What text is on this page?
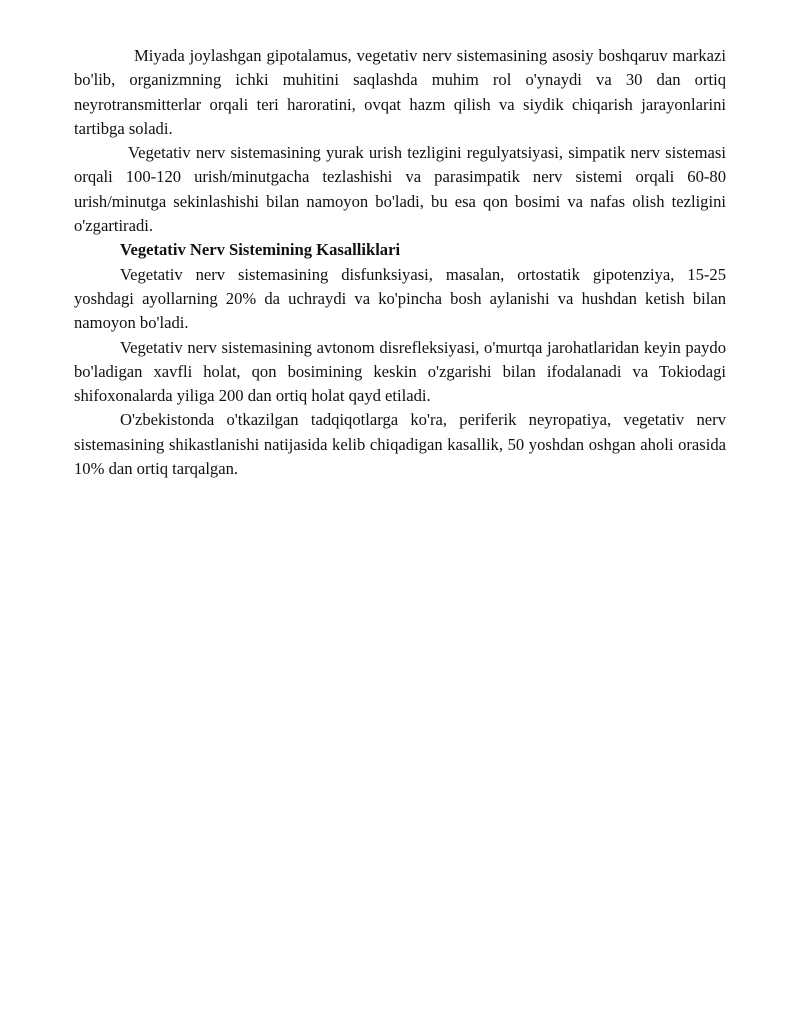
Miyada joylashgan gipotalamus, vegetativ nerv sistemasining asosiy boshqaruv markazi bo'lib, organizmning ichki muhitini saqlashda muhim rol o'ynaydi va 30 dan ortiq neyrotransmitterlar orqali teri haroratini, ovqat hazm qilish va siydik chiqarish jarayonlarini tartibga soladi.

Vegetativ nerv sistemasining yurak urish tezligini regulyatsiyasi, simpatik nerv sistemasi orqali 100-120 urish/minutgacha tezlashishi va parasimpatik nerv sistemi orqali 60-80 urish/minutga sekinlashishi bilan namoyon bo'ladi, bu esa qon bosimi va nafas olish tezligini o'zgartiradi.

Vegetativ Nerv Sistemining Kasalliklari

Vegetativ nerv sistemasining disfunksiyasi, masalan, ortostatik gipotenziya, 15-25 yoshdagi ayollarning 20% da uchraydi va ko'pincha bosh aylanishi va hushdan ketish bilan namoyon bo'ladi.

Vegetativ nerv sistemasining avtonom disrefleksiyasi, o'murtqa jarohatlaridan keyin paydo bo'ladigan xavfli holat, qon bosimining keskin o'zgarishi bilan ifodalanadi va Tokiodagi shifoxonalarda yiliga 200 dan ortiq holat qayd etiladi.

O'zbekistonda o'tkazilgan tadqiqotlarga ko'ra, periferik neyropatiya, vegetativ nerv sistemasining shikastlanishi natijasida kelib chiqadigan kasallik, 50 yoshdan oshgan aholi orasida 10% dan ortiq tarqalgan.
